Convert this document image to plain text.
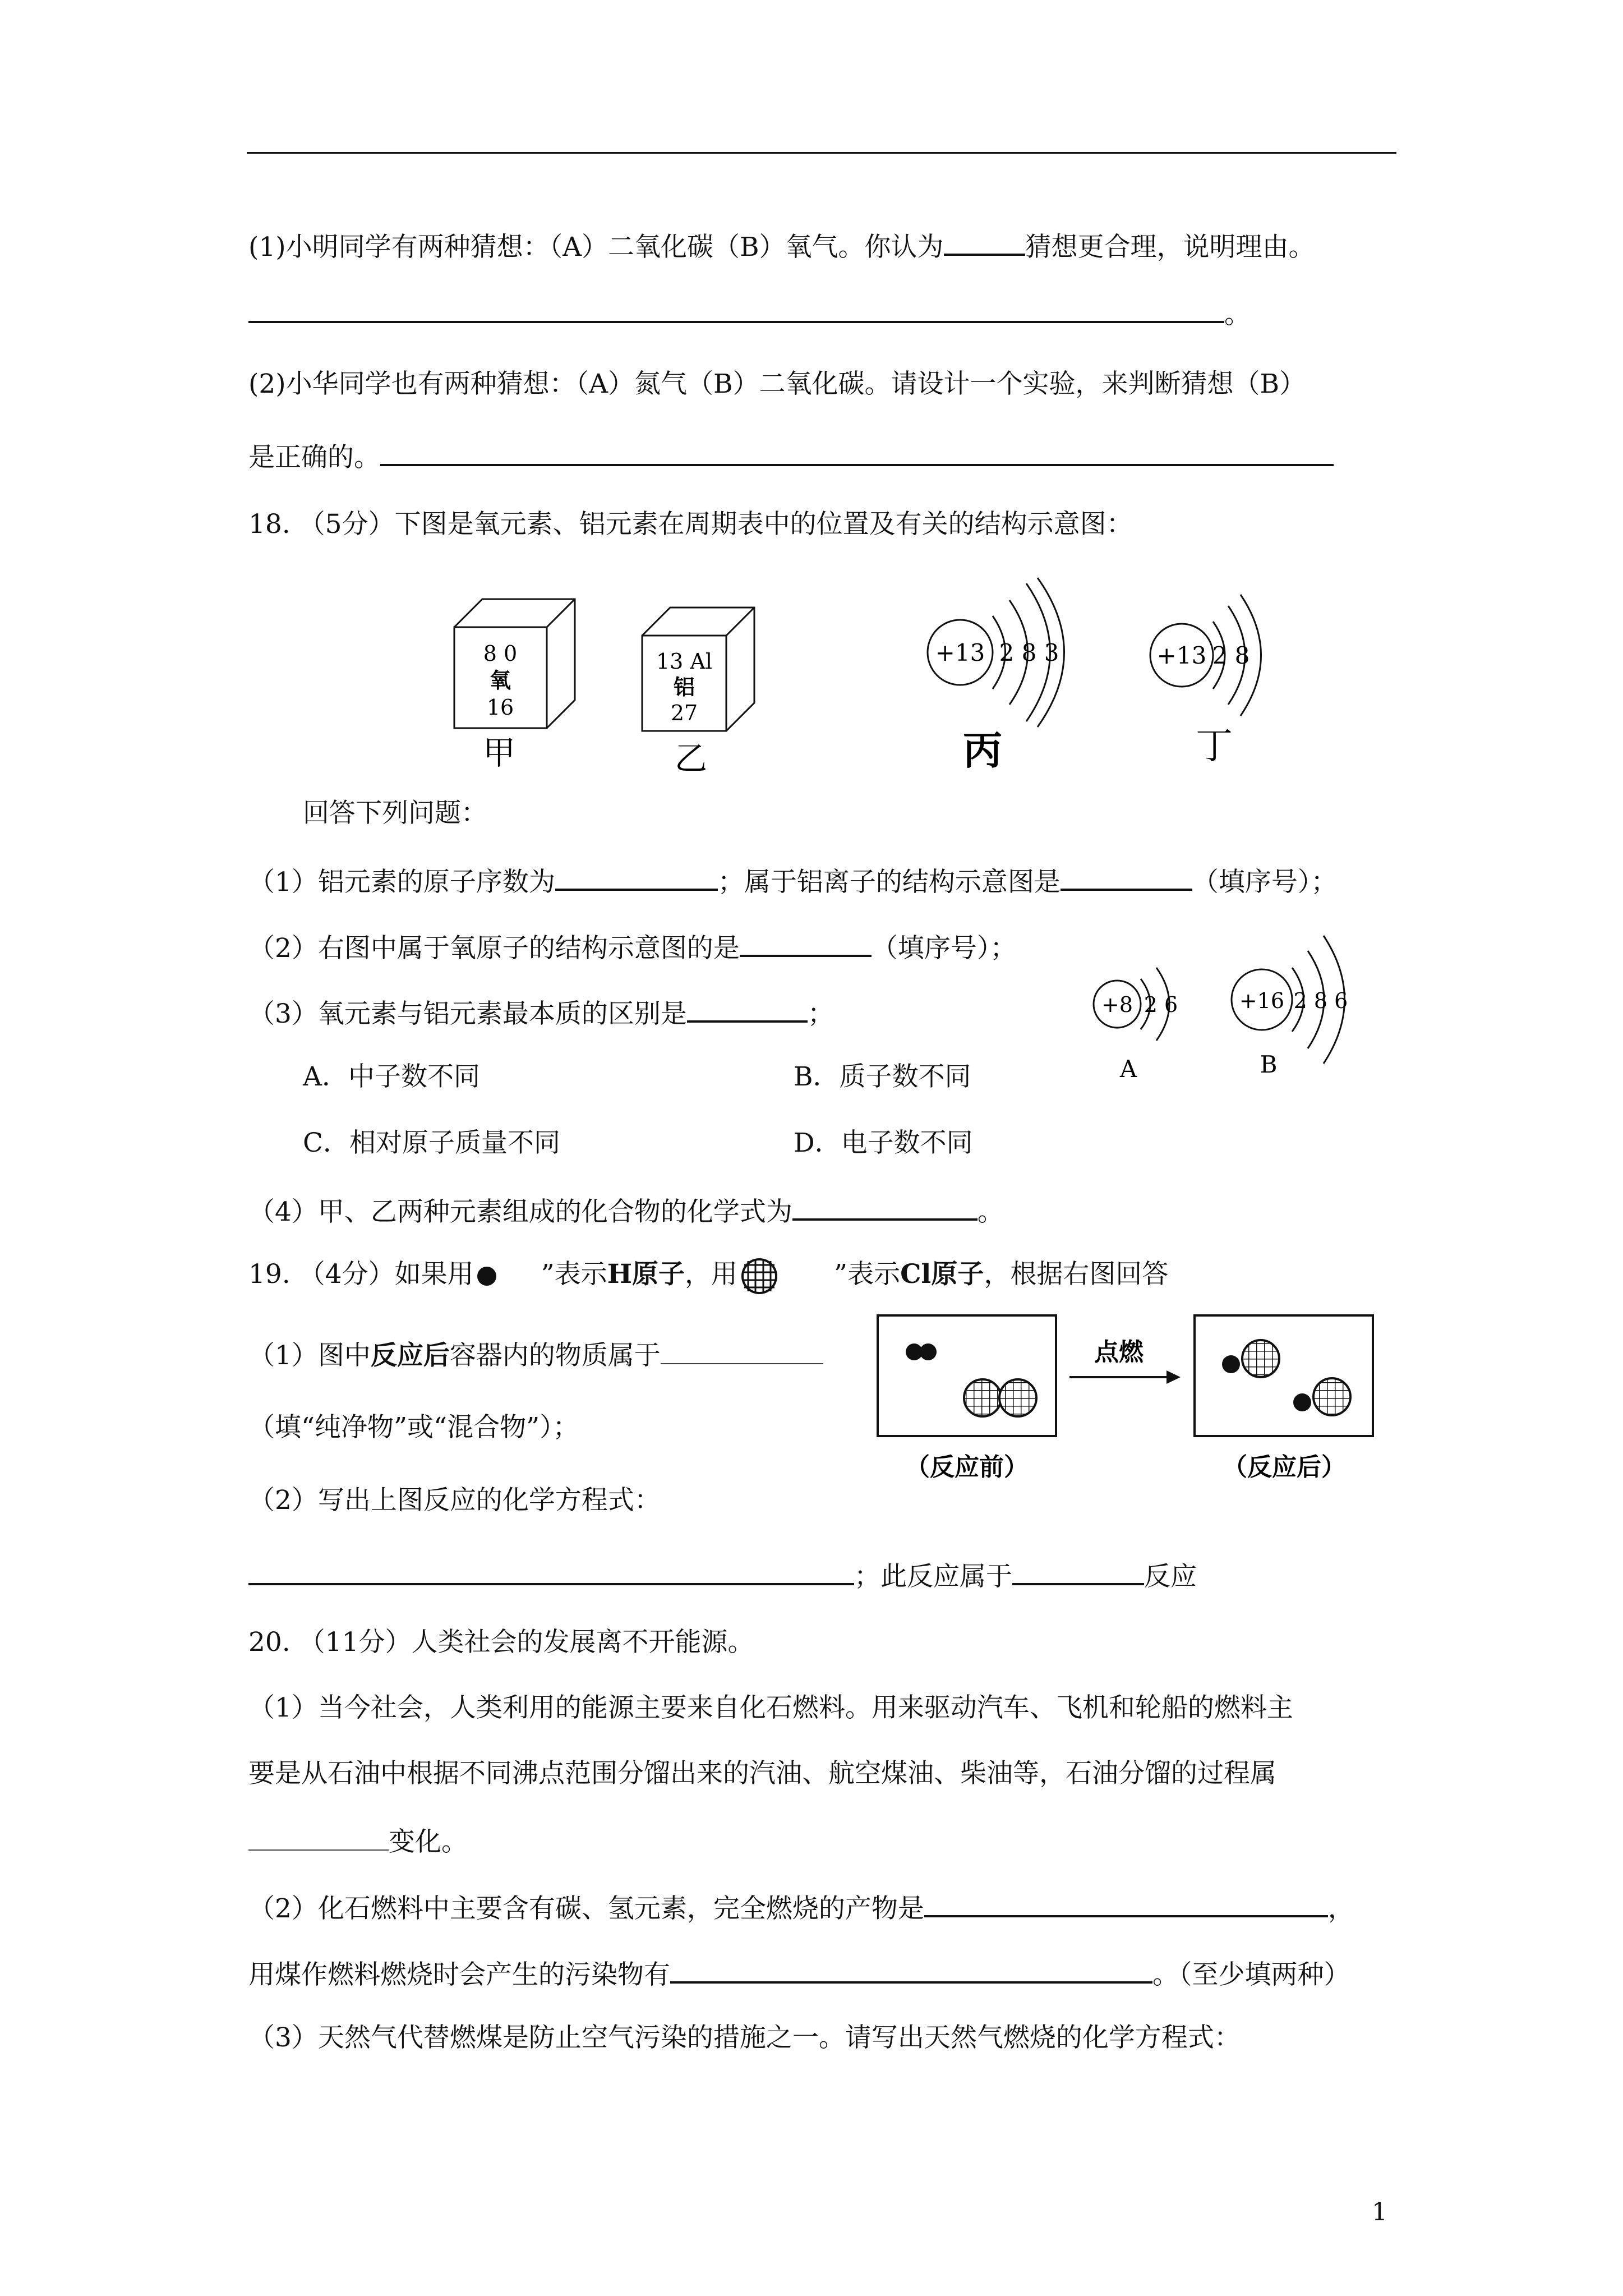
(1)小明同学有两种猜想：（A）二氧化碳（B）氧气。你认为	猜想更合理，说明理由。
。
(2)小华同学也有两种猜想：（A）氮气（B）二氧化碳。请设计一个实验，来判断猜想（B）
是正确的。
18. （5分）下图是氧元素、铝元素在周期表中的位置及有关的结构示意图：
8 0
氧
16
甲
13 Al
铝
27
乙
+13 2 8 3
丙
+13 2 8
丁
+8 2 6
A
+16 2 8 6
B
回答下列问题：
（1）铝元素的原子序数为	；属于铝离子的结构示意图是	（填序号）；
（2）右图中属于氧原子的结构示意图的是	（填序号）；
（3）氧元素与铝元素最本质的区别是	；
A．中子数不同	B．质子数不同
C．相对原子质量不同	D．电子数不同
（4）甲、乙两种元素组成的化合物的化学式为	。
19. （4分）如果用	”表示H原子，用	”表示Cl原子，根据右图回答
（1）图中反应后容器内的物质属于
（填“纯净物”或“混合物”）；
（2）写出上图反应的化学方程式：
；此反应属于	反应
（反应前）
点燃
（反应后）
20. （11分）人类社会的发展离不开能源。
（1）当今社会，人类利用的能源主要来自化石燃料。用来驱动汽车、飞机和轮船的燃料主
要是从石油中根据不同沸点范围分馏出来的汽油、航空煤油、柴油等，石油分馏的过程属
变化。
（2）化石燃料中主要含有碳、氢元素，完全燃烧的产物是	，
用煤作燃料燃烧时会产生的污染物有	。（至少填两种）
（3）天然气代替燃煤是防止空气污染的措施之一。请写出天然气燃烧的化学方程式：
1
